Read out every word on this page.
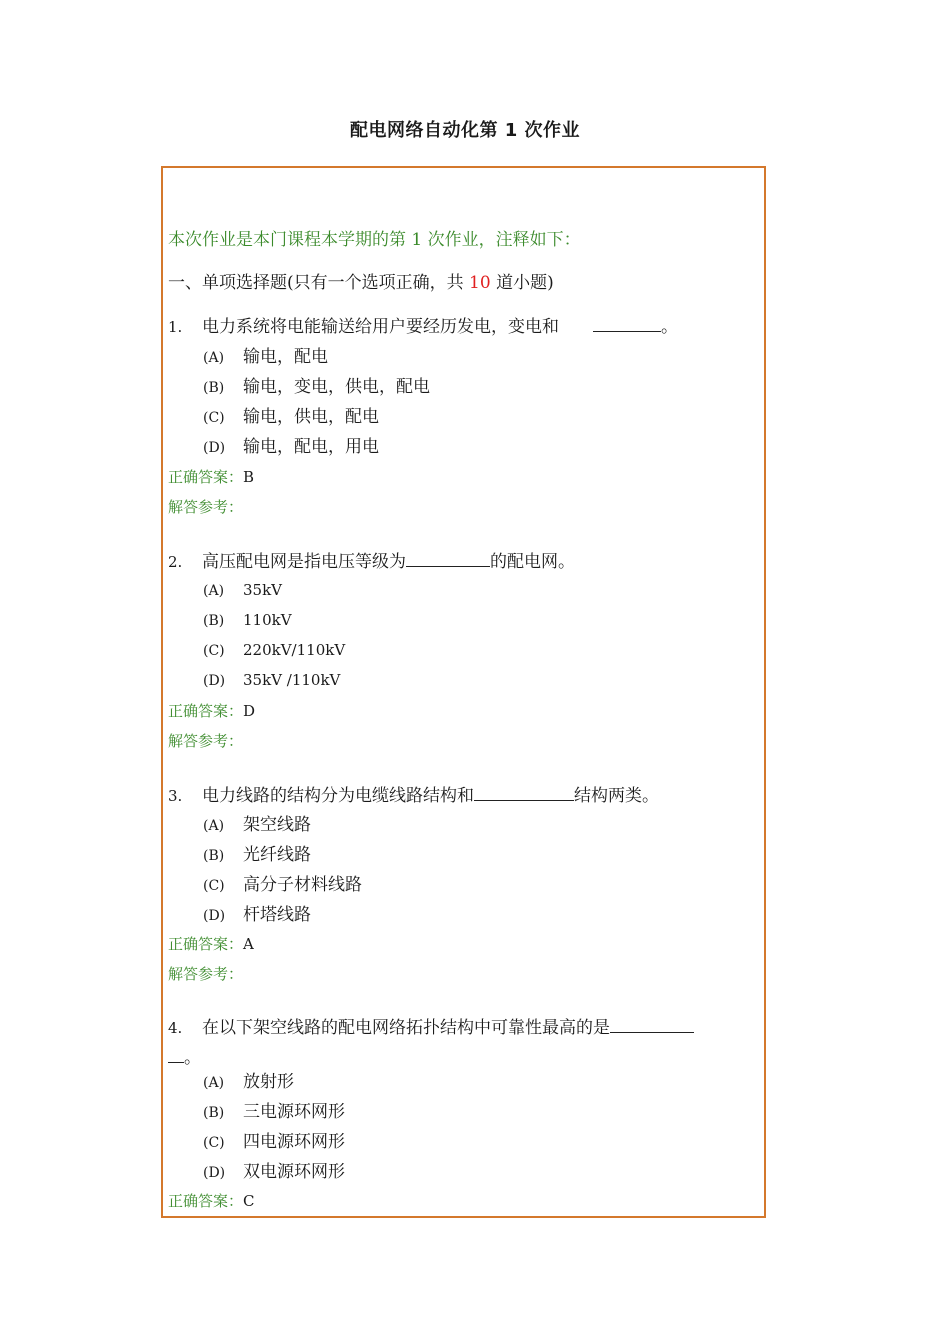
配电网络自动化第 1 次作业
本次作业是本门课程本学期的第 1 次作业，注释如下：
一、单项选择题(只有一个选项正确，共 10 道小题)
1. 电力系统将电能输送给用户要经历发电，变电和	。
(A) 输电，配电
(B) 输电，变电，供电，配电
(C) 输电，供电，配电
(D) 输电，配电，用电
正确答案：B
解答参考：
2. 高压配电网是指电压等级为	的配电网。
(A) 35kV
(B) 110kV
(C) 220kV/110kV
(D) 35kV /110kV
正确答案：D
解答参考：
3. 电力线路的结构分为电缆线路结构和	结构两类。
(A) 架空线路
(B) 光纤线路
(C) 高分子材料线路
(D) 杆塔线路
正确答案：A
解答参考：
4. 在以下架空线路的配电网络拓扑结构中可靠性最高的是
。
(A) 放射形
(B) 三电源环网形
(C) 四电源环网形
(D) 双电源环网形
正确答案：C
